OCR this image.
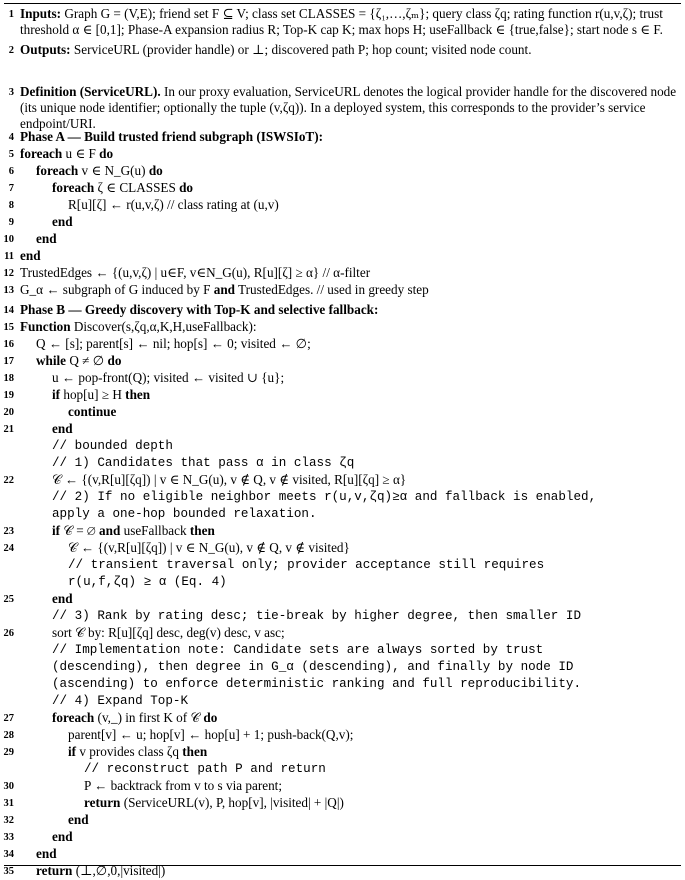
1 Inputs: Graph G = (V,E); friend set F ⊆ V; class set CLASSES = {ζ₁,…,ζₘ}; query class ζq; rating function r(u,v,ζ); trust threshold α ∈ [0,1]; Phase-A expansion radius R; Top-K cap K; max hops H; useFallback ∈ {true,false}; start node s ∈ F.
2 Outputs: ServiceURL (provider handle) or ⊥; discovered path P; hop count; visited node count.
3 Definition (ServiceURL). In our proxy evaluation, ServiceURL denotes the logical provider handle for the discovered node (its unique node identifier; optionally the tuple (v,ζq)). In a deployed system, this corresponds to the provider’s service endpoint/URI.
4 Phase A — Build trusted friend subgraph (ISWSIoT):
5 foreach u ∈ F do
6 foreach v ∈ N_G(u) do
7	foreach ζ ∈ CLASSES do
8	R[u][ζ] ← r(u,v,ζ) // class rating at (u,v)
9	end
10 end
11 end
12 TrustedEdges ← {(u,v,ζ) | u∈F, v∈N_G(u), R[u][ζ] ≥ α} // α-filter
13 G_α ← subgraph of G induced by F and TrustedEdges. // used in greedy step
14 Phase B — Greedy discovery with Top-K and selective fallback:
15 Function Discover(s,ζq,α,K,H,useFallback):
16 Q ← [s]; parent[s] ← nil; hop[s] ← 0; visited ← ∅;
17 while Q ≠ ∅ do
18	u ← pop-front(Q); visited ← visited ∪ {u};
19	if hop[u] ≥ H then
20	continue
21	end
// bounded depth
// 1) Candidates that pass α in class ζq
22	𝒞 ← {(v,R[u][ζq]) | v ∈ N_G(u), v ∉ Q, v ∉ visited, R[u][ζq] ≥ α}
// 2) If no eligible neighbor meets r(u,v,ζq)≥α and fallback is enabled,
apply a one-hop bounded relaxation.
23	if 𝒞 = ∅ and useFallback then
24	𝒞 ← {(v,R[u][ζq]) | v ∈ N_G(u), v ∉ Q, v ∉ visited}
// transient traversal only; provider acceptance still requires
r(u,f,ζq) ≥ α (Eq. 4)
25	end
// 3) Rank by rating desc; tie-break by higher degree, then smaller ID
26	sort 𝒞 by: R[u][ζq] desc, deg(v) desc, v asc;
// Implementation note: Candidate sets are always sorted by trust
(descending), then degree in G_α (descending), and finally by node ID
(ascending) to enforce deterministic ranking and full reproducibility.
// 4) Expand Top-K
27	foreach (v,_) in first K of 𝒞 do
28	parent[v] ← u; hop[v] ← hop[u] + 1; push-back(Q,v);
29	if v provides class ζq then
// reconstruct path P and return
30	P ← backtrack from v to s via parent;
31	return (ServiceURL(v), P, hop[v], |visited| + |Q|)
32	end
33	end
34 end
35 return (⊥,∅,0,|visited|)
